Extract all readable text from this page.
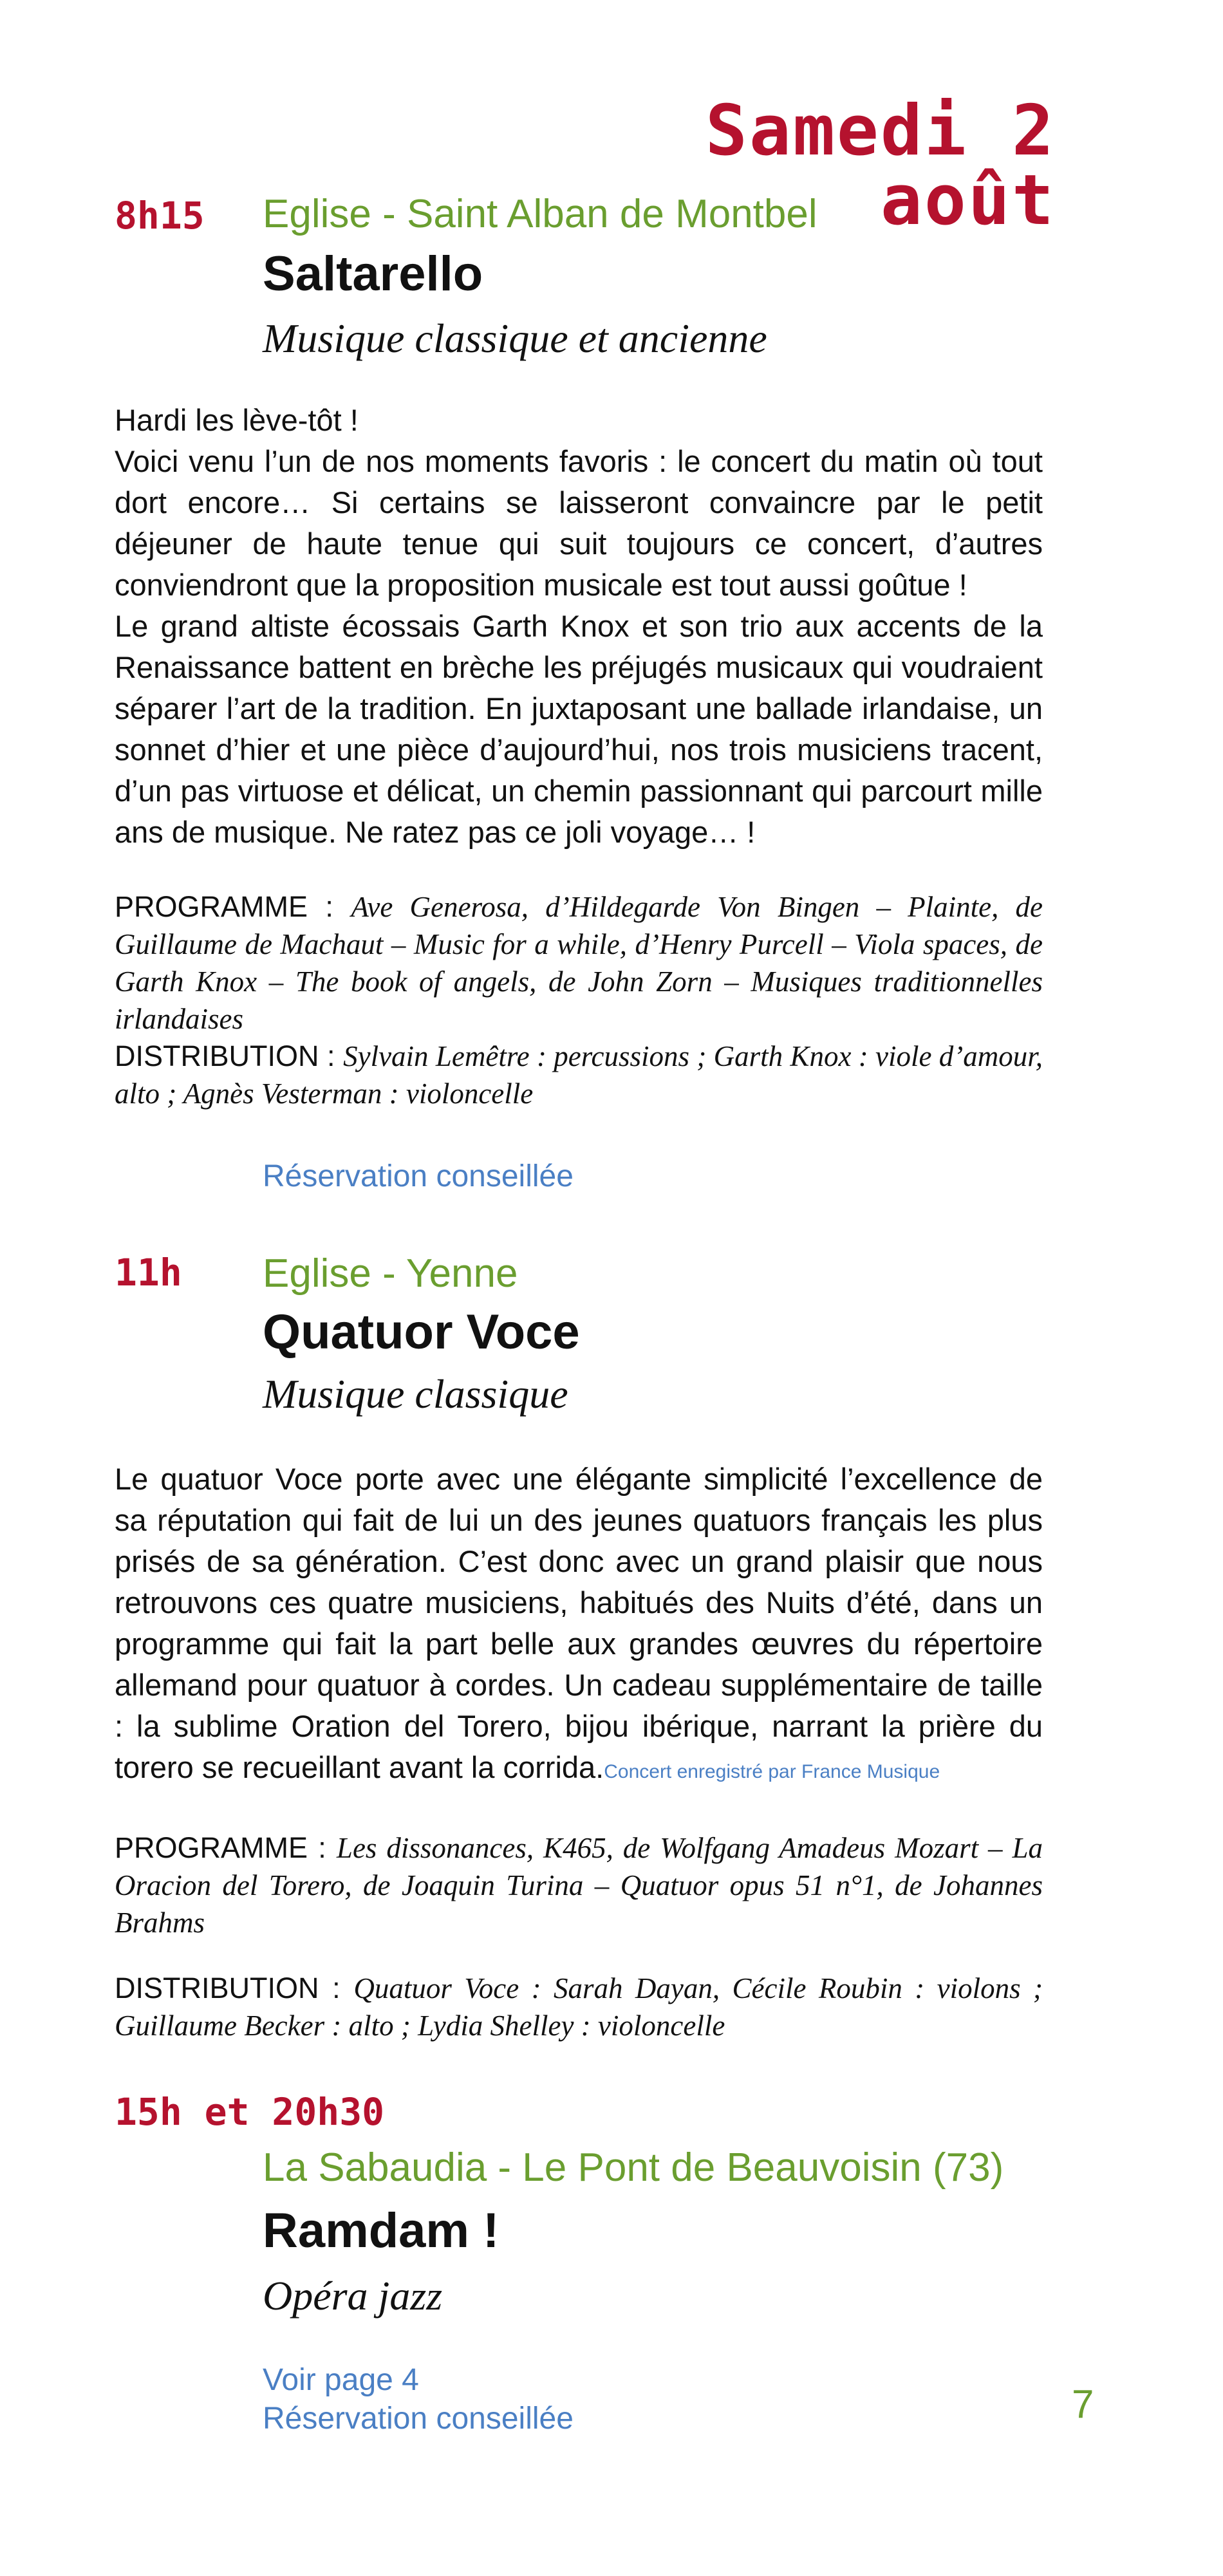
Samedi 2 août
8h15 Eglise - Saint Alban de Montbel
Saltarello
Musique classique et ancienne

Hardi les lève-tôt !

Voici venu l’un de nos moments favoris : le concert du matin où tout dort encore… Si certains se laisseront convaincre par le petit déjeuner de haute tenue qui suit toujours ce concert, d’autres conviendront que la proposition musicale est tout aussi goûtue !

Le grand altiste écossais Garth Knox et son trio aux accents de la Renaissance battent en brèche les préjugés musicaux qui voudraient séparer l’art de la tradition. En juxtaposant une ballade irlandaise, un sonnet d’hier et une pièce d’aujourd’hui, nos trois musiciens tracent, d’un pas virtuose et délicat, un chemin passionnant qui parcourt mille ans de musique. Ne ratez pas ce joli voyage… !

PROGRAMME : Ave Generosa, d’Hildegarde Von Bingen – Plainte, de Guillaume de Machaut – Music for a while, d’Henry Purcell – Viola spaces, de Garth Knox – The book of angels, de John Zorn – Musiques traditionnelles irlandaises

DISTRIBUTION : Sylvain Lemêtre : percussions ; Garth Knox : viole d’amour, alto ; Agnès Vesterman : violoncelle

Réservation conseillée
11h Eglise - Yenne
Quatuor Voce
Musique classique

Le quatuor Voce porte avec une élégante simplicité l’excellence de sa réputation qui fait de lui un des jeunes quatuors français les plus prisés de sa génération. C’est donc avec un grand plaisir que nous retrouvons ces quatre musiciens, habitués des Nuits d’été, dans un programme qui fait la part belle aux grandes œuvres du répertoire allemand pour quatuor à cordes. Un cadeau supplémentaire de taille : la sublime Oration del Torero, bijou ibérique, narrant la prière du torero se recueillant avant la corrida.Concert enregistré par France Musique

PROGRAMME : Les dissonances, K465, de Wolfgang Amadeus Mozart – La Oracion del Torero, de Joaquin Turina – Quatuor opus 51 n°1, de Johannes Brahms

DISTRIBUTION : Quatuor Voce : Sarah Dayan, Cécile Roubin : violons ; Guillaume Becker : alto ; Lydia Shelley : violoncelle

15h et 20h30
La Sabaudia - Le Pont de Beauvoisin (73)
Ramdam !
Opéra jazz
Voir page 4
Réservation conseillée	7
